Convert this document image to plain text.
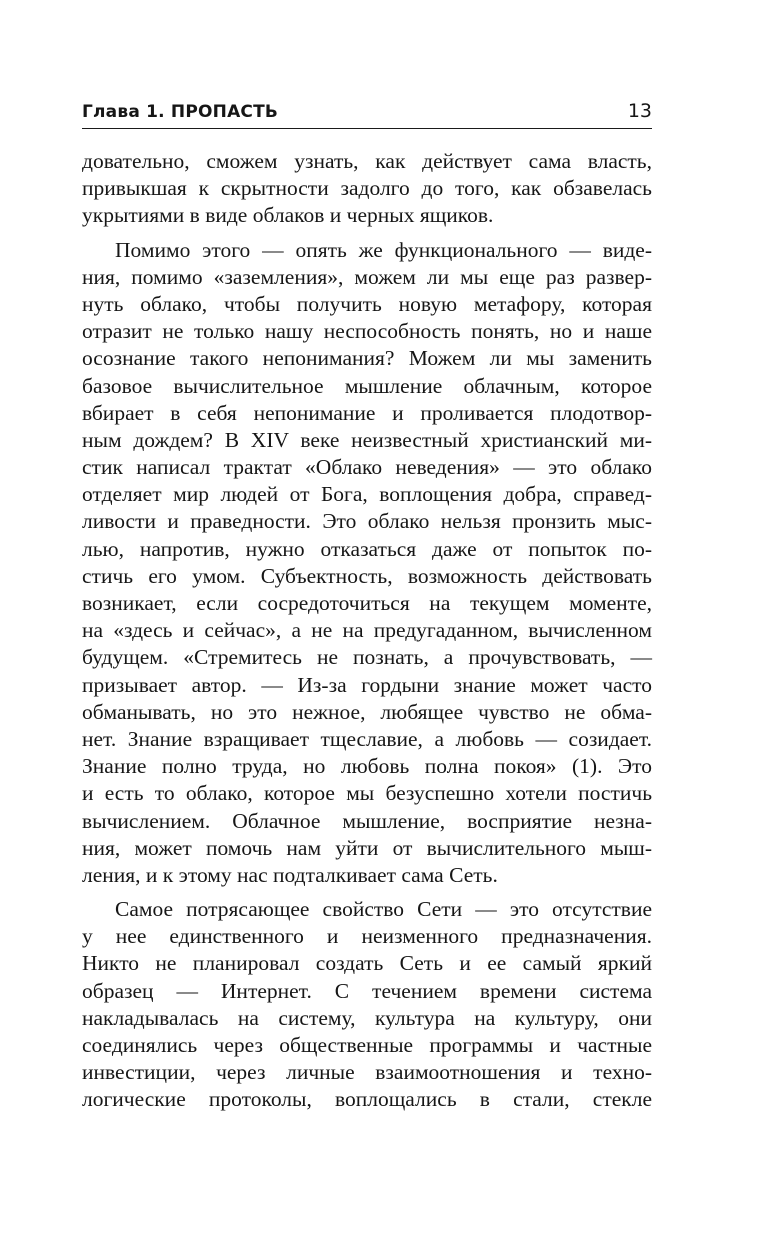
Глава 1. ПРОПАСТЬ	13
довательно, сможем узнать, как действует сама власть,
привыкшая к скрытности задолго до того, как обзавелась
укрытиями в виде облаков и черных ящиков.
Помимо этого — опять же функционального — виде-
ния, помимо «заземления», можем ли мы еще раз развер-
нуть облако, чтобы получить новую метафору, которая
отразит не только нашу неспособность понять, но и наше
осознание такого непонимания? Можем ли мы заменить
базовое вычислительное мышление облачным, которое
вбирает в себя непонимание и проливается плодотвор-
ным дождем? В XIV веке неизвестный христианский ми-
стик написал трактат «Облако неведения» — это облако
отделяет мир людей от Бога, воплощения добра, справед-
ливости и праведности. Это облако нельзя пронзить мыс-
лью, напротив, нужно отказаться даже от попыток по-
стичь его умом. Субъектность, возможность действовать
возникает, если сосредоточиться на текущем моменте,
на «здесь и сейчас», а не на предугаданном, вычисленном
будущем. «Стремитесь не познать, а прочувствовать, —
призывает автор. — Из-за гордыни знание может часто
обманывать, но это нежное, любящее чувство не обма-
нет. Знание взращивает тщеславие, а любовь — созидает.
Знание полно труда, но любовь полна покоя» (1). Это
и есть то облако, которое мы безуспешно хотели постичь
вычислением. Облачное мышление, восприятие незна-
ния, может помочь нам уйти от вычислительного мыш-
ления, и к этому нас подталкивает сама Сеть.
Самое потрясающее свойство Сети — это отсутствие
у нее единственного и неизменного предназначения.
Никто не планировал создать Сеть и ее самый яркий
образец — Интернет. С течением времени система
накладывалась на систему, культура на культуру, они
соединялись через общественные программы и частные
инвестиции, через личные взаимоотношения и техно-
логические протоколы, воплощались в стали, стекле
